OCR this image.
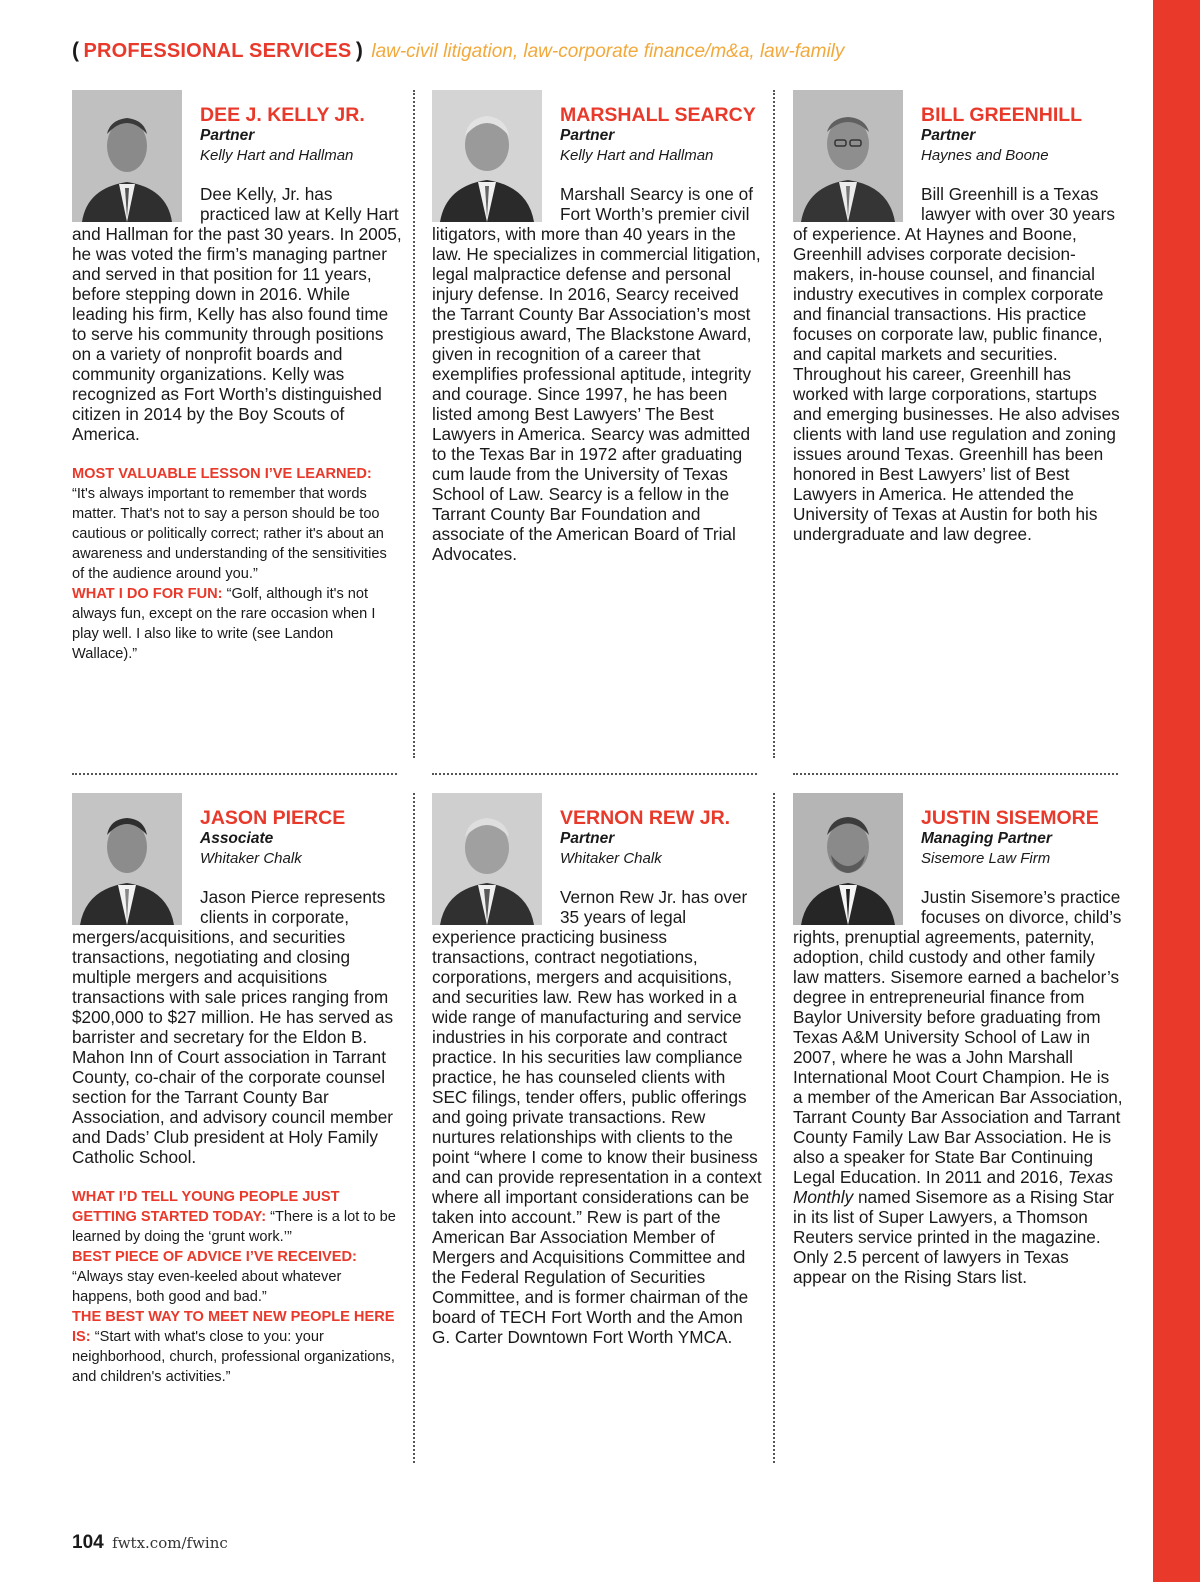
( PROFESSIONAL SERVICES ) law-civil litigation, law-corporate finance/m&a, law-family
DEE J. KELLY JR.
Partner
Kelly Hart and Hallman
Dee Kelly, Jr. has practiced law at Kelly Hart and Hallman for the past 30 years. In 2005, he was voted the firm’s managing partner and served in that position for 11 years, before stepping down in 2016. While leading his firm, Kelly has also found time to serve his community through positions on a variety of nonprofit boards and community organizations. Kelly was recognized as Fort Worth’s distinguished citizen in 2014 by the Boy Scouts of America.

MOST VALUABLE LESSON I’VE LEARNED:
“It's always important to remember that words matter. That's not to say a person should be too cautious or politically correct; rather it's about an awareness and understanding of the sensitivities of the audience around you.”

WHAT I DO FOR FUN: “Golf, although it's not always fun, except on the rare occasion when I play well. I also like to write (see Landon Wallace).”

MARSHALL SEARCY
Partner
Kelly Hart and Hallman
Marshall Searcy is one of Fort Worth’s premier civil litigators, with more than 40 years in the law. He specializes in commercial litigation, legal malpractice defense and personal injury defense. In 2016, Searcy received the Tarrant County Bar Association’s most prestigious award, The Blackstone Award, given in recognition of a career that exemplifies professional aptitude, integrity and courage. Since 1997, he has been listed among Best Lawyers’ The Best Lawyers in America. Searcy was admitted to the Texas Bar in 1972 after graduating cum laude from the University of Texas School of Law. Searcy is a fellow in the Tarrant County Bar Foundation and associate of the American Board of Trial Advocates.
BILL GREENHILL
Partner
Haynes and Boone
Bill Greenhill is a Texas lawyer with over 30 years of experience. At Haynes and Boone, Greenhill advises corporate decision-makers, in-house counsel, and financial industry executives in complex corporate and financial transactions. His practice focuses on corporate law, public finance, and capital markets and securities. Throughout his career, Greenhill has worked with large corporations, startups and emerging businesses. He also advises clients with land use regulation and zoning issues around Texas. Greenhill has been honored in Best Lawyers’ list of Best Lawyers in America. He attended the University of Texas at Austin for both his undergraduate and law degree.
JASON PIERCE
Associate
Whitaker Chalk
Jason Pierce represents clients in corporate, mergers/acquisitions, and securities transactions, negotiating and closing multiple mergers and acquisitions transactions with sale prices ranging from $200,000 to $27 million. He has served as barrister and secretary for the Eldon B. Mahon Inn of Court association in Tarrant County, co-chair of the corporate counsel section for the Tarrant County Bar Association, and advisory council member and Dads’ Club president at Holy Family Catholic School.

WHAT I’D TELL YOUNG PEOPLE JUST GETTING STARTED TODAY: “There is a lot to be learned by doing the ‘grunt work.’”

BEST PIECE OF ADVICE I’VE RECEIVED:
“Always stay even-keeled about whatever happens, both good and bad.”

THE BEST WAY TO MEET NEW PEOPLE HERE IS: “Start with what's close to you: your neighborhood, church, professional organizations, and children's activities.”

VERNON REW JR.
Partner
Whitaker Chalk
Vernon Rew Jr. has over 35 years of legal experience practicing business transactions, contract negotiations, corporations, mergers and acquisitions, and securities law. Rew has worked in a wide range of manufacturing and service industries in his corporate and contract practice. In his securities law compliance practice, he has counseled clients with SEC filings, tender offers, public offerings and going private transactions. Rew nurtures relationships with clients to the point “where I come to know their business and can provide representation in a context where all important considerations can be taken into account.” Rew is part of the American Bar Association Member of Mergers and Acquisitions Committee and the Federal Regulation of Securities Committee, and is former chairman of the board of TECH Fort Worth and the Amon G. Carter Downtown Fort Worth YMCA.
JUSTIN SISEMORE
Managing Partner
Sisemore Law Firm
Justin Sisemore’s practice focuses on divorce, child’s rights, prenuptial agreements, paternity, adoption, child custody and other family law matters. Sisemore earned a bachelor’s degree in entrepreneurial finance from Baylor University before graduating from Texas A&M University School of Law in 2007, where he was a John Marshall International Moot Court Champion. He is a member of the American Bar Association, Tarrant County Bar Association and Tarrant County Family Law Bar Association. He is also a speaker for State Bar Continuing Legal Education. In 2011 and 2016, Texas Monthly named Sisemore as a Rising Star in its list of Super Lawyers, a Thomson Reuters service printed in the magazine. Only 2.5 percent of lawyers in Texas appear on the Rising Stars list.
104 fwtx.com/fwinc
